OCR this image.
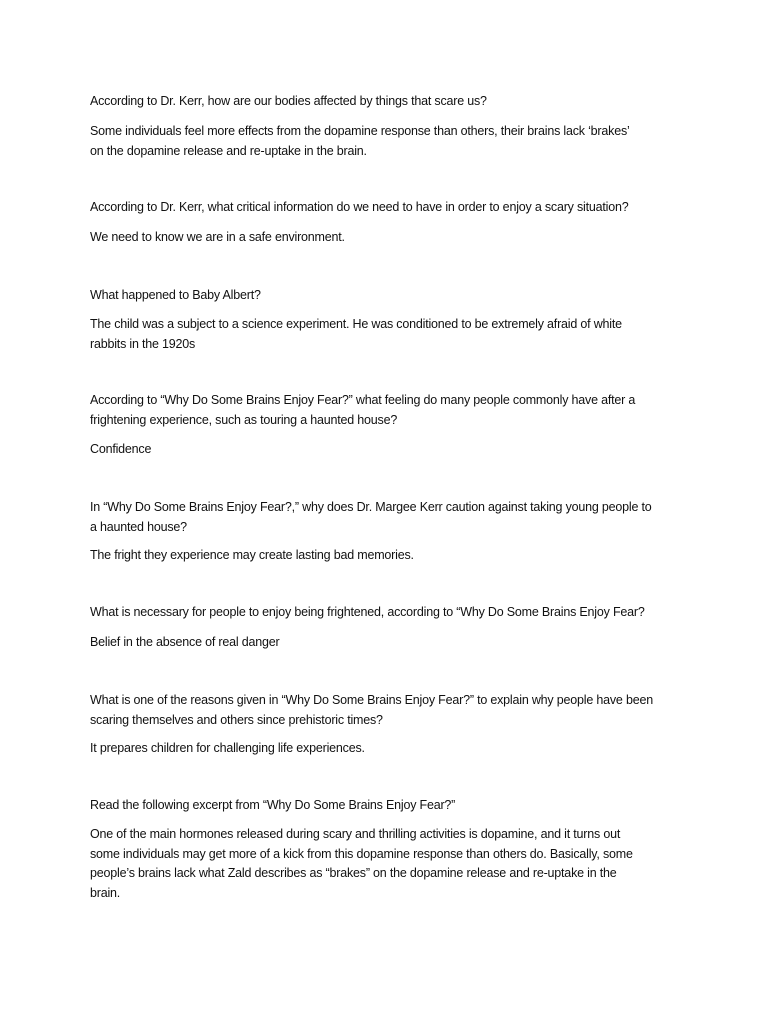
According to Dr. Kerr, how are our bodies affected by things that scare us?

Some individuals feel more effects from the dopamine response than others, their brains lack ‘brakes’
on the dopamine release and re-uptake in the brain.

According to Dr. Kerr, what critical information do we need to have in order to enjoy a scary situation?

We need to know we are in a safe environment.

What happened to Baby Albert?

The child was a subject to a science experiment. He was conditioned to be extremely afraid of white
rabbits in the 1920s

According to “Why Do Some Brains Enjoy Fear?” what feeling do many people commonly have after a
frightening experience, such as touring a haunted house?

Confidence

In “Why Do Some Brains Enjoy Fear?,” why does Dr. Margee Kerr caution against taking young people to
a haunted house?

The fright they experience may create lasting bad memories.

What is necessary for people to enjoy being frightened, according to “Why Do Some Brains Enjoy Fear?

Belief in the absence of real danger

What is one of the reasons given in “Why Do Some Brains Enjoy Fear?” to explain why people have been
scaring themselves and others since prehistoric times?

It prepares children for challenging life experiences.

Read the following excerpt from “Why Do Some Brains Enjoy Fear?”

One of the main hormones released during scary and thrilling activities is dopamine, and it turns out
some individuals may get more of a kick from this dopamine response than others do. Basically, some
people’s brains lack what Zald describes as “brakes” on the dopamine release and re-uptake in the
brain.
